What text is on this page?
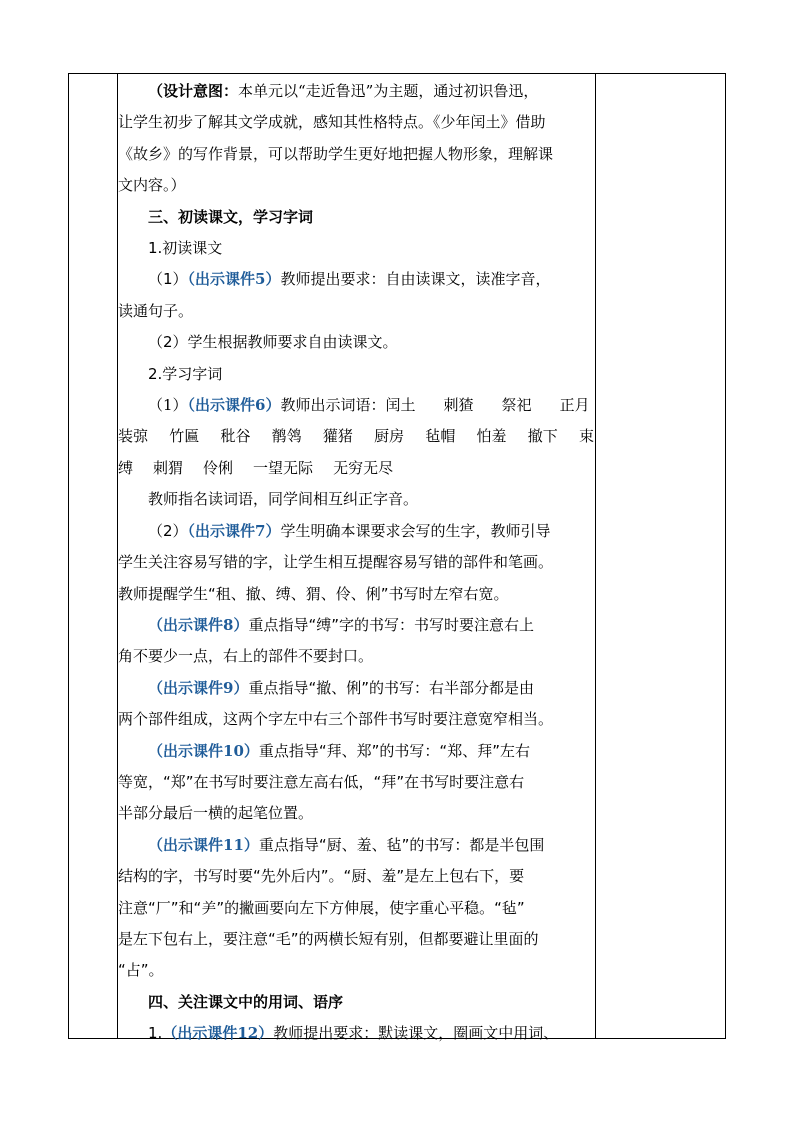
（设计意图：本单元以“走近鲁迅”为主题，通过初识鲁迅，

让学生初步了解其文学成就，感知其性格特点。《少年闰土》借助

《故乡》的写作背景，可以帮助学生更好地把握人物形象，理解课

文内容。）

三、初读课文，学习字词

1.初读课文

（1）（出示课件5）教师提出要求：自由读课文，读准字音，

读通句子。

（2）学生根据教师要求自由读课文。

2.学习字词

（1）（出示课件6）教师出示词语：闰土 刺猹 祭祀 正月

装弶 竹匾 秕谷 鹡鸰 獾猪 厨房 毡帽 怕羞 撤下 束
缚 刺猬 伶俐 一望无际 无穷无尽

教师指名读词语，同学间相互纠正字音。

（2）（出示课件7）学生明确本课要求会写的生字，教师引导

学生关注容易写错的字，让学生相互提醒容易写错的部件和笔画。

教师提醒学生“租、撤、缚、猬、伶、俐”书写时左窄右宽。

（出示课件8）重点指导“缚”字的书写：书写时要注意右上

角不要少一点，右上的部件不要封口。

（出示课件9）重点指导“撤、俐”的书写：右半部分都是由

两个部件组成，这两个字左中右三个部件书写时要注意宽窄相当。

（出示课件10）重点指导“拜、郑”的书写：“郑、拜”左右

等宽，“郑”在书写时要注意左高右低，“拜”在书写时要注意右

半部分最后一横的起笔位置。

（出示课件11）重点指导“厨、羞、毡”的书写：都是半包围

结构的字，书写时要“先外后内”。“厨、羞”是左上包右下，要

注意“厂”和“⺶”的撇画要向左下方伸展，使字重心平稳。“毡”

是左下包右上，要注意“毛”的两横长短有别，但都要避让里面的

“占”。

四、关注课文中的用词、语序

1.（出示课件12）教师提出要求：默读课文，圈画文中用词、
